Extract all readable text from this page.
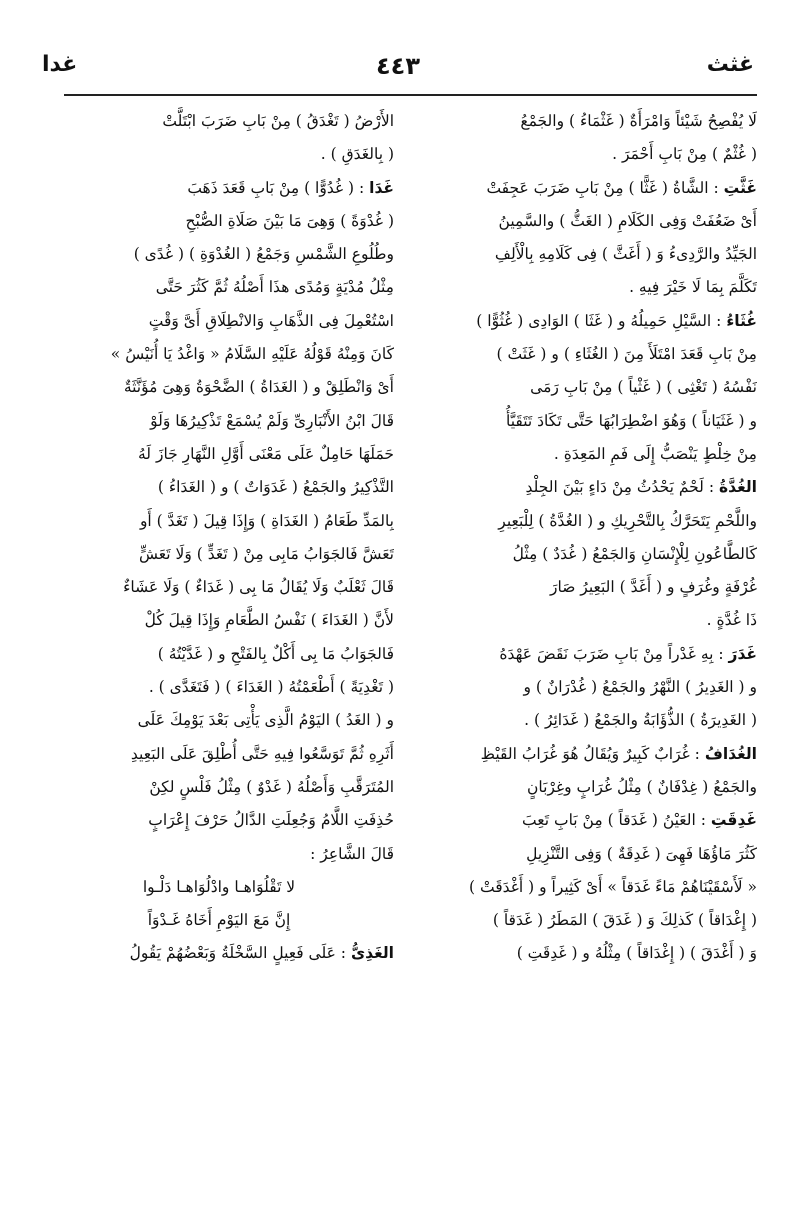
غثث
٤٤٣
غدا
لَا يُفْصِحُ شَيْئاً وَامْرَأَةٌ ( غَثْمَاءُ ) والجَمْعُ
( غُثْمٌ ) مِنْ بَابِ أَحْمَرَ .
غَثَّتِ : الشَّاةُ ( غَثًّا ) مِنْ بَابِ ضَرَبَ عَجِفَتْ
أَىْ ضَعُفَتْ وَفِى الكَلَامِ ( الغَثُّ ) والسَّمِينُ
الجَيِّدُ والرَّدِىءُ وَ ( أَغَثَّ ) فِى كَلَامِهِ بِالْأَلِفِ
تَكَلَّمَ بِمَا لَا خَيْرَ فِيهِ .
غُثَاءُ : السَّيْلِ حَمِيلُهُ و ( غَثَا ) الوَادِى ( غُثُوًّا )
مِنْ بَابِ قَعَدَ امْتَلَأَ مِنَ ( الغُثَاءِ ) و ( غَثَتْ )
نَفْسُهُ ( تَغْثِى ) ( غَثْياً ) مِنْ بَابِ رَمَى
و ( غَثَيَاناً ) وَهُوَ اضْطِرَابُهَا حَتَّى تَكَادَ تَتَقَيَّأُ
مِنْ خِلْطٍ يَنْصَبُّ إِلَى فَمِ المَعِدَةِ .
الغُدَّةُ : لَحْمٌ يَحْدُثُ مِنْ دَاءٍ بَيْنَ الجِلْدِ
واللَّحْمِ يَتَحَرَّكُ بِالتَّحْرِيكِ و ( الغُدَّةُ ) لِلْبَعِيرِ
كَالطَّاعُونِ لِلْإِنْسَانِ وَالجَمْعُ ( غُدَدٌ ) مِثْلُ
غُرْفَةٍ وغُرَفٍ و ( أَغَدَّ ) البَعِيرُ صَارَ
ذَا غُدَّةٍ .
غَدَرَ : بِهِ غَدْراً مِنْ بَابِ ضَرَبَ نَقَضَ عَهْدَهُ
و ( الغَدِيرُ ) النَّهْرُ والجَمْعُ ( غُدْرَانٌ ) و
( الغَدِيرَةُ ) الذُّؤَابَةُ والجَمْعُ ( غَدَائِرُ ) .
الغُدَافُ : غُرَابٌ كَبِيرٌ وَيُقَالُ هُوَ غُرَابُ القَيْظِ
والجَمْعُ ( غِدْفَانٌ ) مِثْلُ غُرَابٍ وغِرْبَانٍ
غَدِقَتِ : العَيْنُ ( غَدَقاً ) مِنْ بَابِ تَعِبَ
كَثُرَ مَاؤُهَا فَهِىَ ( غَدِقَةٌ ) وَفِى التَّنْزِيلِ
« لَأَسْقَيْنَاهُمْ مَاءً غَدَقاً » أَىْ كَثِيراً و ( أَغْدَقَتْ )
( إِغْدَاقاً ) كَذلِكَ وَ ( غَدَقَ ) المَطَرُ ( غَدَقاً )
وَ ( أَغْدَقَ ) ( إِغْدَاقاً ) مِثْلُهُ و ( غَدِقَتِ )
الأَرْضُ ( تَغْدَقُ ) مِنْ بَابِ ضَرَبَ ابْتَلَّتْ
( بِالغَدَقِ ) .
غَدَا : ( غُدُوًّا ) مِنْ بَابِ قَعَدَ ذَهَبَ
( غُدْوَةً ) وَهِىَ مَا بَيْنَ صَلَاةِ الصُّبْحِ
وطُلُوعِ الشَّمْسِ وَجَمْعُ ( الغُدْوَةِ ) ( غُدًى )
مِثْلُ مُدْيَةٍ وَمُدًى هذَا أَصْلُهُ ثُمَّ كَثُرَ حَتَّى
اسْتُعْمِلَ فِى الذَّهَابِ وَالانْطِلَاقِ أَىَّ وَقْتٍ
كَانَ وَمِنْهُ قَوْلُهُ عَلَيْهِ السَّلَامُ « وَاغْدُ يَا أُنَيْسُ »
أَىْ وَانْطَلِقْ و ( الغَدَاةُ ) الضَّحْوَةُ وَهِىَ مُؤَنَّثَةٌ
قَالَ ابْنُ الأَنْبَارِىِّ وَلَمْ يُسْمَعْ تَذْكِيرُهَا وَلَوْ
حَمَلَهَا حَامِلٌ عَلَى مَعْنَى أَوَّلِ النَّهَارِ جَازَ لَهُ
التَّذْكِيرُ والجَمْعُ ( غَدَوَاتٌ ) و ( الغَدَاءُ )
بِالمَدِّ طَعَامُ ( الغَدَاةِ ) وَإِذَا قِيلَ ( تَغَدَّ ) أَو
تَعَشَّ فَالجَوَابُ مَابِى مِنْ ( تَغَدٍّ ) وَلَا تَعَشٍّ
قَالَ ثَعْلَبٌ وَلَا يُقَالُ مَا بِى ( غَدَاءٌ ) وَلَا عَشَاءٌ
لأَنَّ ( الغَدَاءَ ) نَفْسُ الطَّعَامِ وَإِذَا قِيلَ كُلْ
فَالجَوَابُ مَا بِى أَكْلٌ بِالفَتْحِ و ( غَدَّيْتُهُ )
( تَغْدِيَةً ) أَطْعَمْتُهُ ( الغَدَاءَ ) ( فَتَغَدَّى ) .
و ( الغَدُ ) اليَوْمُ الَّذِى يَأْتِى بَعْدَ يَوْمِكَ عَلَى
أَثَرِهِ ثُمَّ تَوَسَّعُوا فِيهِ حَتَّى أُطْلِقَ عَلَى البَعِيدِ
المُتَرَقَّبِ وَأَصْلُهُ ( غَدْوٌ ) مِثْلُ فَلْسٍ لكِنْ
حُذِفَتِ اللَّامُ وَجُعِلَتِ الدَّالُ حَرْفَ إِعْرَابٍ
قَالَ الشَّاعِرُ :
لا تَقْلُوَاهـا وادْلُوَاهـا دَلْـوا
إِنَّ مَعَ اليَوْمِ أَخَاهُ غَـدْوَاً
الغَذِىُّ : عَلَى فَعِيلٍ السَّخْلَةُ وَبَعْضُهُمْ يَقُولُ
